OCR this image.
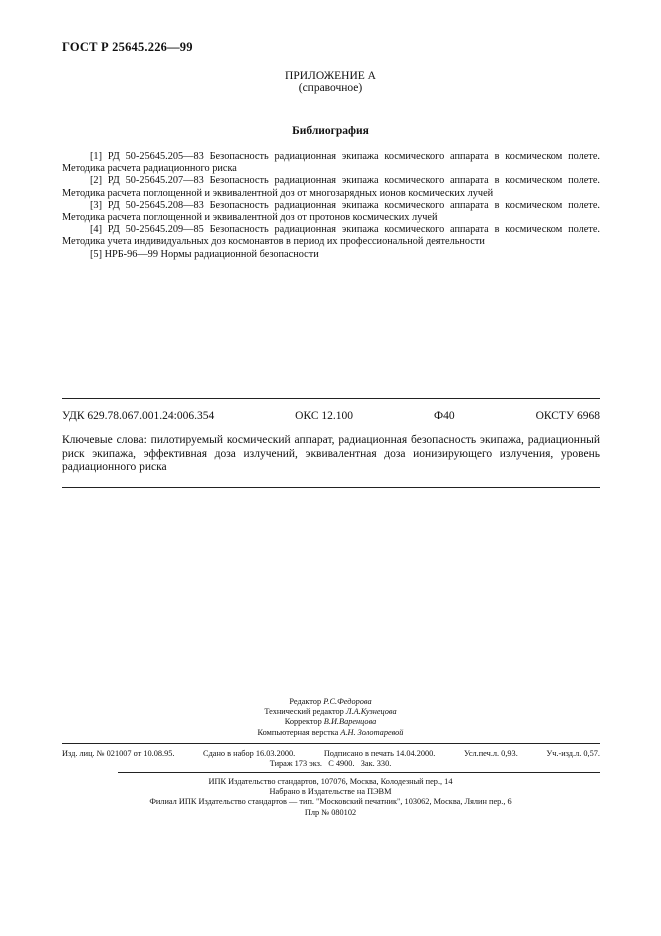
ГОСТ Р 25645.226—99
ПРИЛОЖЕНИЕ А
(справочное)
Библиография

[1] РД 50-25645.205—83 Безопасность радиационная экипажа космического аппарата в космическом полете. Методика расчета радиационного риска

[2] РД 50-25645.207—83 Безопасность радиационная экипажа космического аппарата в космическом полете. Методика расчета поглощенной и эквивалентной доз от многозарядных ионов космических лучей

[3] РД 50-25645.208—83 Безопасность радиационная экипажа космического аппарата в космическом полете. Методика расчета поглощенной и эквивалентной доз от протонов космических лучей

[4] РД 50-25645.209—85 Безопасность радиационная экипажа космического аппарата в космическом полете. Методика учета индивидуальных доз космонавтов в период их профессиональной деятельности

[5] НРБ-96—99 Нормы радиационной безопасности

УДК 629.78.067.001.24:006.354	ОКС 12.100	Ф40	ОКСТУ 6968
Ключевые слова: пилотируемый космический аппарат, радиационная безопасность экипажа, радиационный риск экипажа, эффективная доза излучений, эквивалентная доза ионизирующего излучения, уровень радиационного риска
Редактор Р.С.Федорова
Технический редактор Л.А.Кузнецова
Корректор В.И.Варенцова
Компьютерная верстка А.Н. Золотаревой
Изд. лиц. № 021007 от 10.08.95.	Сдано в набор 16.03.2000.	Подписано в печать 14.04.2000.	Усл.печ.л. 0,93.	Уч.-изд.л. 0,57.
Тираж 173 экз. С 4900. Зак. 330.
ИПК Издательство стандартов, 107076, Москва, Колодезный пер., 14
Набрано в Издательстве на ПЭВМ
Филиал ИПК Издательство стандартов — тип. "Московский печатник", 103062, Москва, Лялин пер., 6
Плр № 080102
